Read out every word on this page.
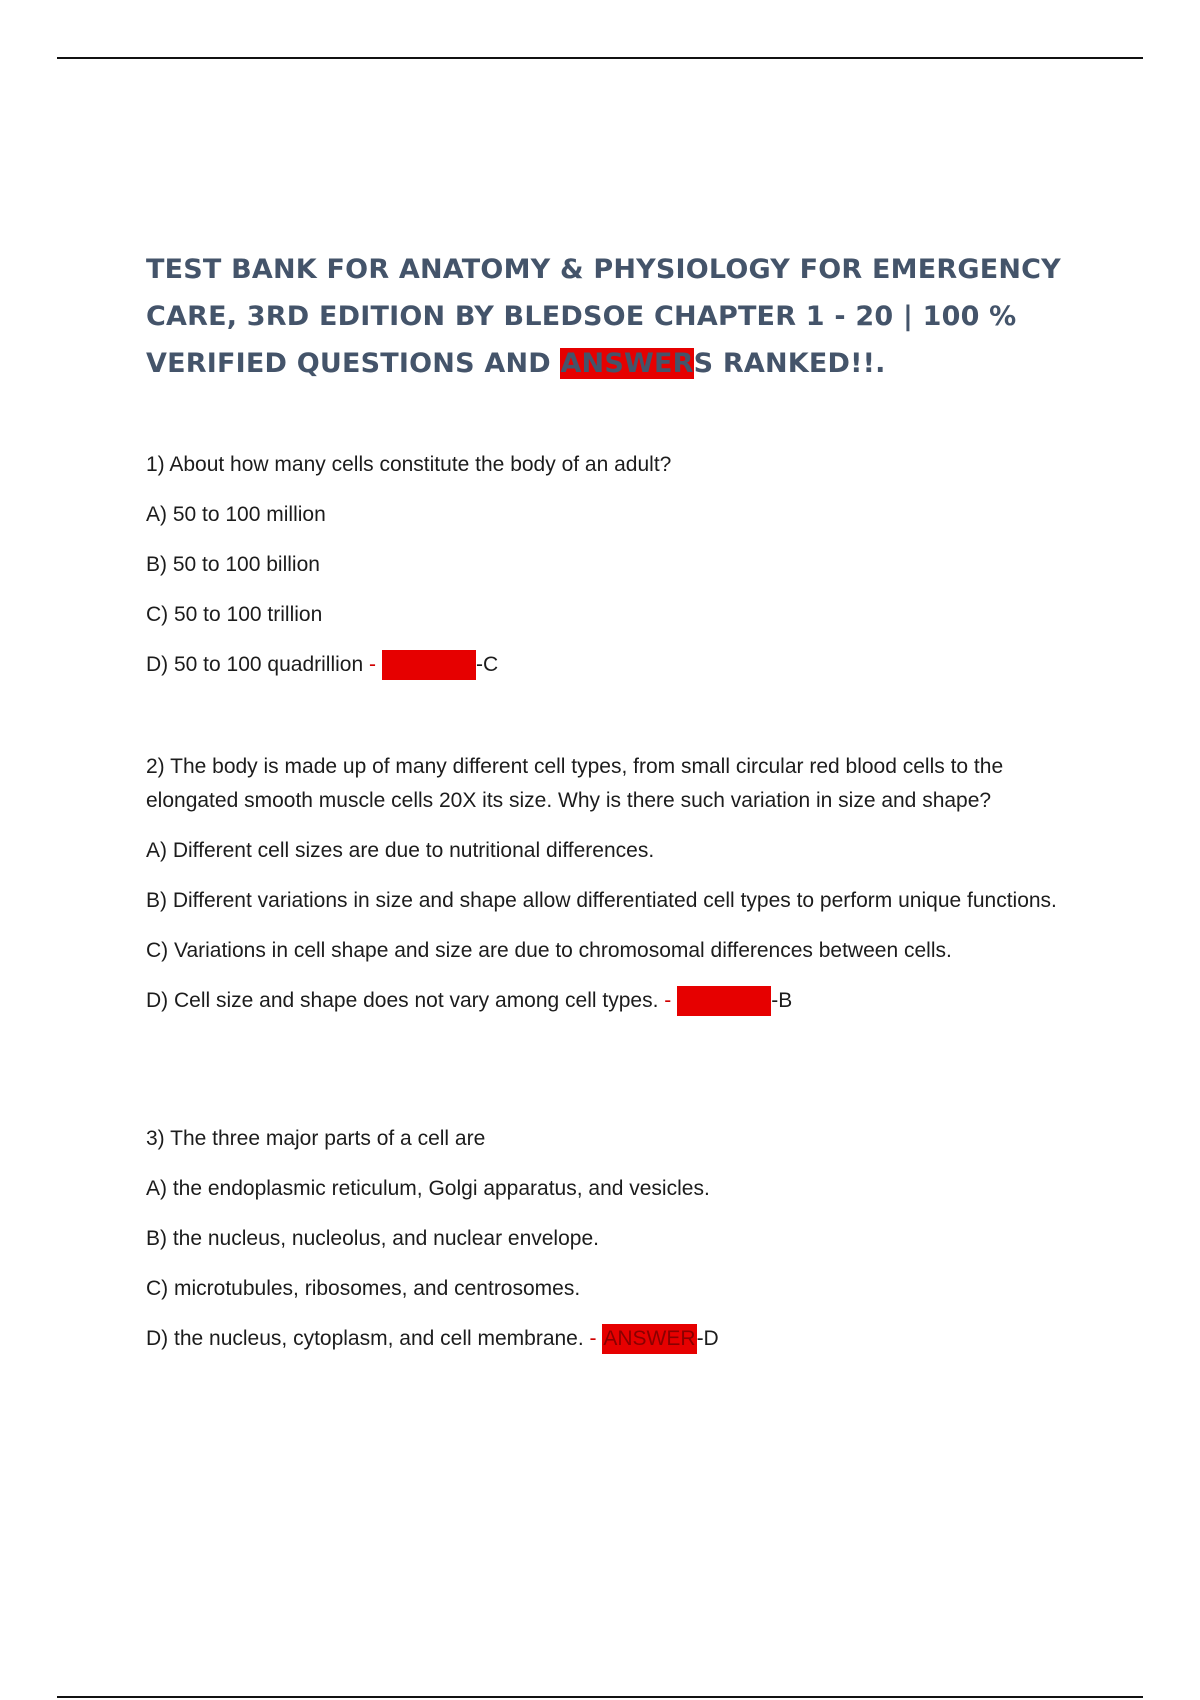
TEST BANK FOR ANATOMY & PHYSIOLOGY FOR EMERGENCY CARE, 3RD EDITION BY BLEDSOE CHAPTER 1 - 20 | 100 % VERIFIED QUESTIONS AND ANSWERS RANKED!!.

1) About how many cells constitute the body of an adult?

A) 50 to 100 million

B) 50 to 100 billion

C) 50 to 100 trillion

D) 50 to 100 quadrillion - ANSWER-C

2) The body is made up of many different cell types, from small circular red blood cells to the elongated smooth muscle cells 20X its size. Why is there such variation in size and shape?

A) Different cell sizes are due to nutritional differences.

B) Different variations in size and shape allow differentiated cell types to perform unique functions.

C) Variations in cell shape and size are due to chromosomal differences between cells.

D) Cell size and shape does not vary among cell types. - ANSWER-B

3) The three major parts of a cell are

A) the endoplasmic reticulum, Golgi apparatus, and vesicles.

B) the nucleus, nucleolus, and nuclear envelope.

C) microtubules, ribosomes, and centrosomes.

D) the nucleus, cytoplasm, and cell membrane. - ANSWER-D
